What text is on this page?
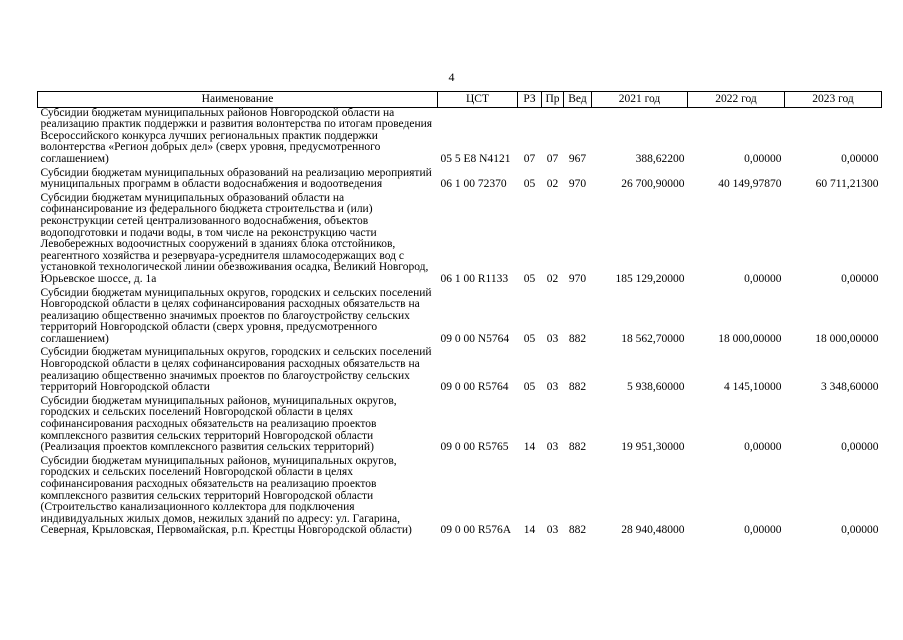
4
Наименование	ЦСТ	РЗ	Пр	Вед	2021 год	2022 год	2023 год

Субсидии бюджетам муниципальных районов Новгородской области на реализацию практик поддержки и развития волонтерства по итогам проведения Всероссийского конкурса лучших региональных практик поддержки волонтерства «Регион добрых дел» (сверх уровня, предусмотренного соглашением)	05 5 E8 N4121	07	07	967	388,62200	0,00000	0,00000

Субсидии бюджетам муниципальных образований на реализацию мероприятий муниципальных программ в области водоснабжения и водоотведения	06 1 00 72370	05	02	970	26 700,90000	40 149,97870	60 711,21300

Субсидии бюджетам муниципальных образований области на софинансирование из федерального бюджета строительства и (или) реконструкции сетей централизованного водоснабжения, объектов водоподготовки и подачи воды, в том числе на реконструкцию части Левобережных водоочистных сооружений в зданиях блока отстойников, реагентного хозяйства и резервуара-усреднителя шламосодержащих вод с установкой технологической линии обезвоживания осадка, Великий Новгород, Юрьевское шоссе, д. 1а	06 1 00 R1133	05	02	970	185 129,20000	0,00000	0,00000

Субсидии бюджетам муниципальных округов, городских и сельских поселений Новгородской области в целях софинансирования расходных обязательств на реализацию общественно значимых проектов по благоустройству сельских территорий Новгородской области (сверх уровня, предусмотренного соглашением)	09 0 00 N5764	05	03	882	18 562,70000	18 000,00000	18 000,00000

Субсидии бюджетам муниципальных округов, городских и сельских поселений Новгородской области в целях софинансирования расходных обязательств на реализацию общественно значимых проектов по благоустройству сельских территорий Новгородской области	09 0 00 R5764	05	03	882	5 938,60000	4 145,10000	3 348,60000

Субсидии бюджетам муниципальных районов, муниципальных округов, городских и сельских поселений Новгородской области в целях софинансирования расходных обязательств на реализацию проектов комплексного развития сельских территорий Новгородской области (Реализация проектов комплексного развития сельских территорий)	09 0 00 R5765	14	03	882	19 951,30000	0,00000	0,00000

Субсидии бюджетам муниципальных районов, муниципальных округов, городских и сельских поселений Новгородской области в целях софинансирования расходных обязательств на реализацию проектов комплексного развития сельских территорий Новгородской области (Строительство канализационного коллектора для подключения индивидуальных жилых домов, нежилых зданий по адресу: ул. Гагарина, Северная, Крыловская, Первомайская, р.п. Крестцы Новгородской области)	09 0 00 R576A	14	03	882	28 940,48000	0,00000	0,00000
